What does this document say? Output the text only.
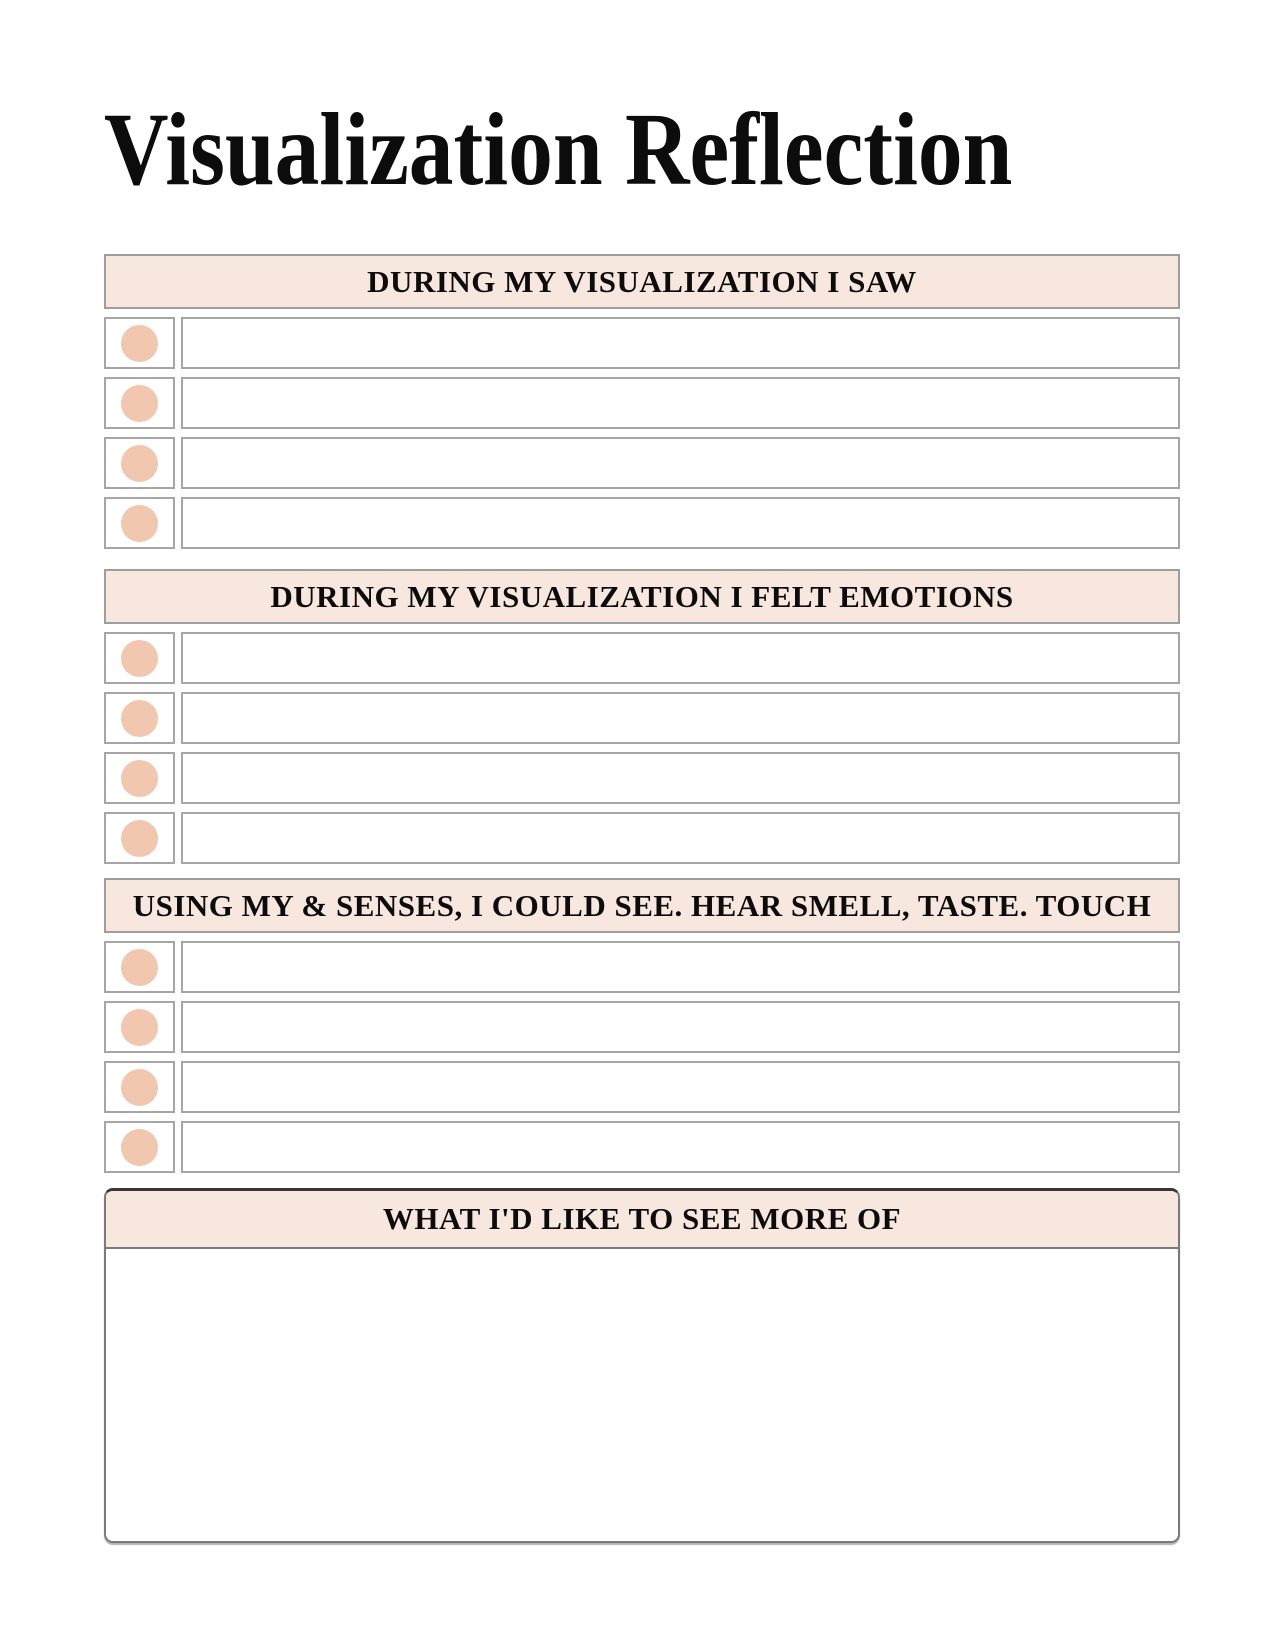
Visualization Reflection
DURING MY VISUALIZATION I SAW
DURING MY VISUALIZATION I FELT EMOTIONS
USING MY & SENSES, I COULD SEE. HEAR SMELL, TASTE. TOUCH
WHAT I'D LIKE TO SEE MORE OF
